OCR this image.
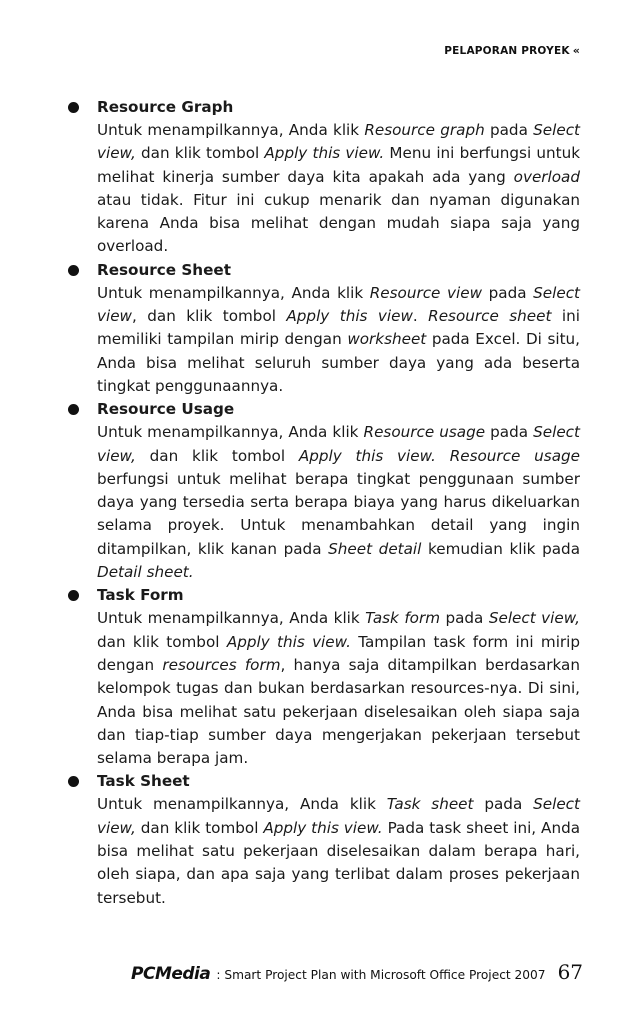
PELAPORAN PROYEK «
Resource Graph
Untuk menampilkannya, Anda klik Resource graph pada Select view, dan klik tombol Apply this view. Menu ini berfungsi untuk melihat kinerja sumber daya kita apakah ada yang overload atau tidak. Fitur ini cukup menarik dan nyaman digunakan karena Anda bisa melihat dengan mudah siapa saja yang overload.
Resource Sheet
Untuk menampilkannya, Anda klik Resource view pada Select view, dan klik tombol Apply this view. Resource sheet ini memiliki tampilan mirip dengan worksheet pada Excel. Di situ, Anda bisa melihat seluruh sumber daya yang ada beserta tingkat penggunaannya.
Resource Usage
Untuk menampilkannya, Anda klik Resource usage pada Select view, dan klik tombol Apply this view. Resource usage berfungsi untuk melihat berapa tingkat penggunaan sumber daya yang tersedia serta berapa biaya yang harus dikeluarkan selama proyek. Untuk menambahkan detail yang ingin ditampilkan, klik kanan pada Sheet detail kemudian klik pada Detail sheet.
Task Form
Untuk menampilkannya, Anda klik Task form pada Select view, dan klik tombol Apply this view. Tampilan task form ini mirip dengan resources form, hanya saja ditampilkan berdasarkan kelompok tugas dan bukan berdasarkan resources-nya. Di sini, Anda bisa melihat satu pekerjaan diselesaikan oleh siapa saja dan tiap-tiap sumber daya mengerjakan pekerjaan tersebut selama berapa jam.
Task Sheet
Untuk menampilkannya, Anda klik Task sheet pada Select view, dan klik tombol Apply this view. Pada task sheet ini, Anda bisa melihat satu pekerjaan diselesaikan dalam berapa hari, oleh siapa, dan apa saja yang terlibat dalam proses pekerjaan tersebut.
PCMedia : Smart Project Plan with Microsoft Office Project 2007 67
